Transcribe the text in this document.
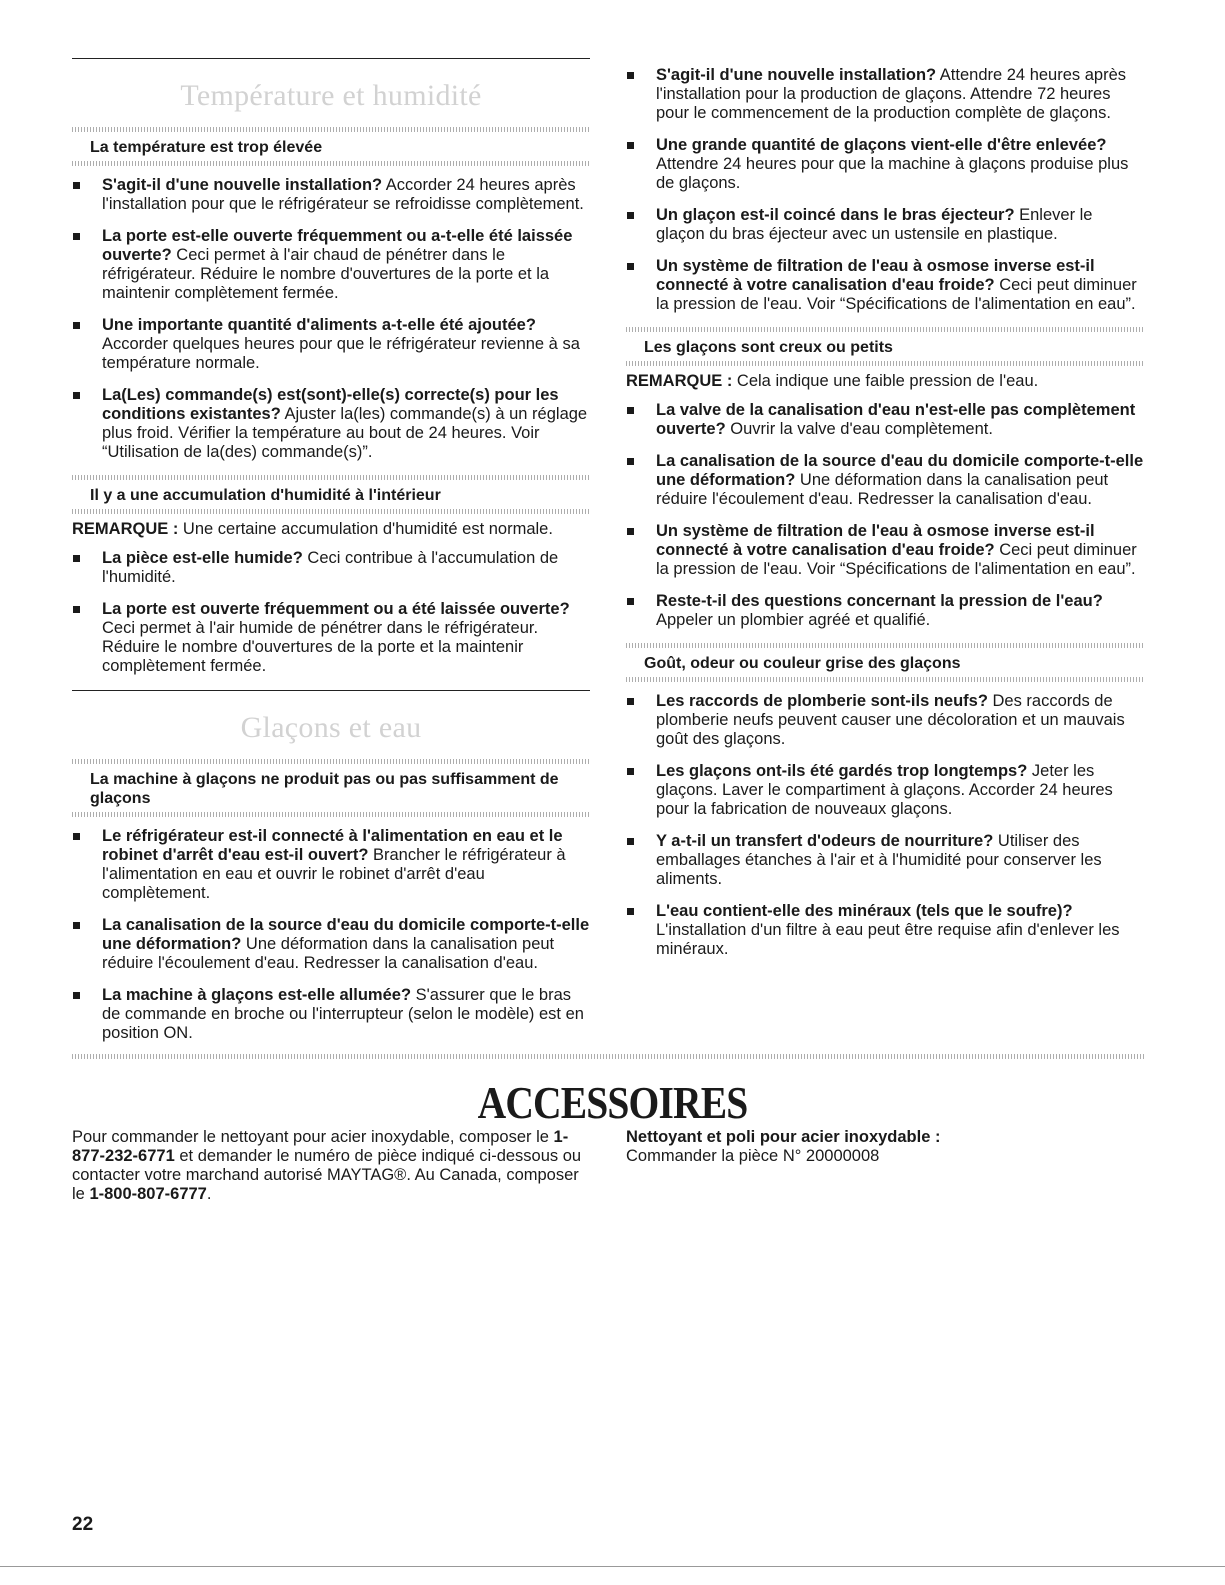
Température et humidité
La température est trop élevée
S'agit-il d'une nouvelle installation? Accorder 24 heures après l'installation pour que le réfrigérateur se refroidisse complètement.
La porte est-elle ouverte fréquemment ou a-t-elle été laissée ouverte? Ceci permet à l'air chaud de pénétrer dans le réfrigérateur. Réduire le nombre d'ouvertures de la porte et la maintenir complètement fermée.
Une importante quantité d'aliments a-t-elle été ajoutée? Accorder quelques heures pour que le réfrigérateur revienne à sa température normale.
La(Les) commande(s) est(sont)-elle(s) correcte(s) pour les conditions existantes? Ajuster la(les) commande(s) à un réglage plus froid. Vérifier la température au bout de 24 heures. Voir “Utilisation de la(des) commande(s)”.
Il y a une accumulation d'humidité à l'intérieur
REMARQUE : Une certaine accumulation d'humidité est normale.
La pièce est-elle humide? Ceci contribue à l'accumulation de l'humidité.
La porte est ouverte fréquemment ou a été laissée ouverte? Ceci permet à l'air humide de pénétrer dans le réfrigérateur. Réduire le nombre d'ouvertures de la porte et la maintenir complètement fermée.
Glaçons et eau
La machine à glaçons ne produit pas ou pas suffisamment de glaçons
Le réfrigérateur est-il connecté à l'alimentation en eau et le robinet d'arrêt d'eau est-il ouvert? Brancher le réfrigérateur à l'alimentation en eau et ouvrir le robinet d'arrêt d'eau complètement.
La canalisation de la source d'eau du domicile comporte-t-elle une déformation? Une déformation dans la canalisation peut réduire l'écoulement d'eau. Redresser la canalisation d'eau.
La machine à glaçons est-elle allumée? S'assurer que le bras de commande en broche ou l'interrupteur (selon le modèle) est en position ON.
S'agit-il d'une nouvelle installation? Attendre 24 heures après l'installation pour la production de glaçons. Attendre 72 heures pour le commencement de la production complète de glaçons.
Une grande quantité de glaçons vient-elle d'être enlevée? Attendre 24 heures pour que la machine à glaçons produise plus de glaçons.
Un glaçon est-il coincé dans le bras éjecteur? Enlever le glaçon du bras éjecteur avec un ustensile en plastique.
Un système de filtration de l'eau à osmose inverse est-il connecté à votre canalisation d'eau froide? Ceci peut diminuer la pression de l'eau. Voir “Spécifications de l'alimentation en eau”.
Les glaçons sont creux ou petits
REMARQUE : Cela indique une faible pression de l'eau.
La valve de la canalisation d'eau n'est-elle pas complètement ouverte? Ouvrir la valve d'eau complètement.
La canalisation de la source d'eau du domicile comporte-t-elle une déformation? Une déformation dans la canalisation peut réduire l'écoulement d'eau. Redresser la canalisation d'eau.
Un système de filtration de l'eau à osmose inverse est-il connecté à votre canalisation d'eau froide? Ceci peut diminuer la pression de l'eau. Voir “Spécifications de l'alimentation en eau”.
Reste-t-il des questions concernant la pression de l'eau? Appeler un plombier agréé et qualifié.
Goût, odeur ou couleur grise des glaçons
Les raccords de plomberie sont-ils neufs? Des raccords de plomberie neufs peuvent causer une décoloration et un mauvais goût des glaçons.
Les glaçons ont-ils été gardés trop longtemps? Jeter les glaçons. Laver le compartiment à glaçons. Accorder 24 heures pour la fabrication de nouveaux glaçons.
Y a-t-il un transfert d'odeurs de nourriture? Utiliser des emballages étanches à l'air et à l'humidité pour conserver les aliments.
L'eau contient-elle des minéraux (tels que le soufre)? L'installation d'un filtre à eau peut être requise afin d'enlever les minéraux.
ACCESSOIRES
Pour commander le nettoyant pour acier inoxydable, composer le 1-877-232-6771 et demander le numéro de pièce indiqué ci-dessous ou contacter votre marchand autorisé MAYTAG®. Au Canada, composer le 1-800-807-6777.
Nettoyant et poli pour acier inoxydable :
Commander la pièce N° 20000008
22
